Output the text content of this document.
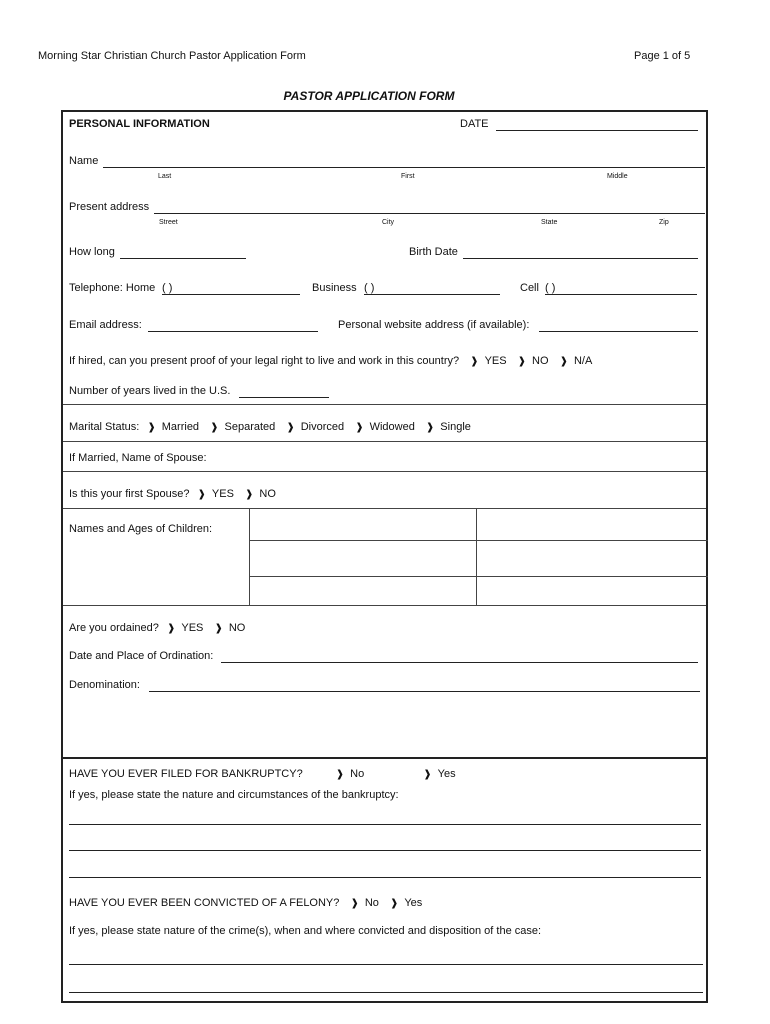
Morning Star Christian Church Pastor Application Form	Page 1 of 5
PASTOR APPLICATION FORM
PERSONAL INFORMATION	DATE
Name
Last	First	Middle
Present address
Street	City	State	Zip
How long	Birth Date
Telephone: Home ( )	Business ( )	Cell ( )
Email address:	Personal website address (if available):
If hired, can you present proof of your legal right to live and work in this country? ❱ YES ❱ NO ❱ N/A
Number of years lived in the U.S.
Marital Status: ❱ Married ❱ Separated ❱ Divorced ❱ Widowed ❱ Single
If Married, Name of Spouse:
Is this your first Spouse? ❱ YES ❱ NO
Names and Ages of Children:
Are you ordained? ❱ YES ❱ NO
Date and Place of Ordination:
Denomination:
HAVE YOU EVER FILED FOR BANKRUPTCY?	❱ No	❱ Yes
If yes, please state the nature and circumstances of the bankruptcy:
HAVE YOU EVER BEEN CONVICTED OF A FELONY? ❱ No ❱ Yes
If yes, please state nature of the crime(s), when and where convicted and disposition of the case:
